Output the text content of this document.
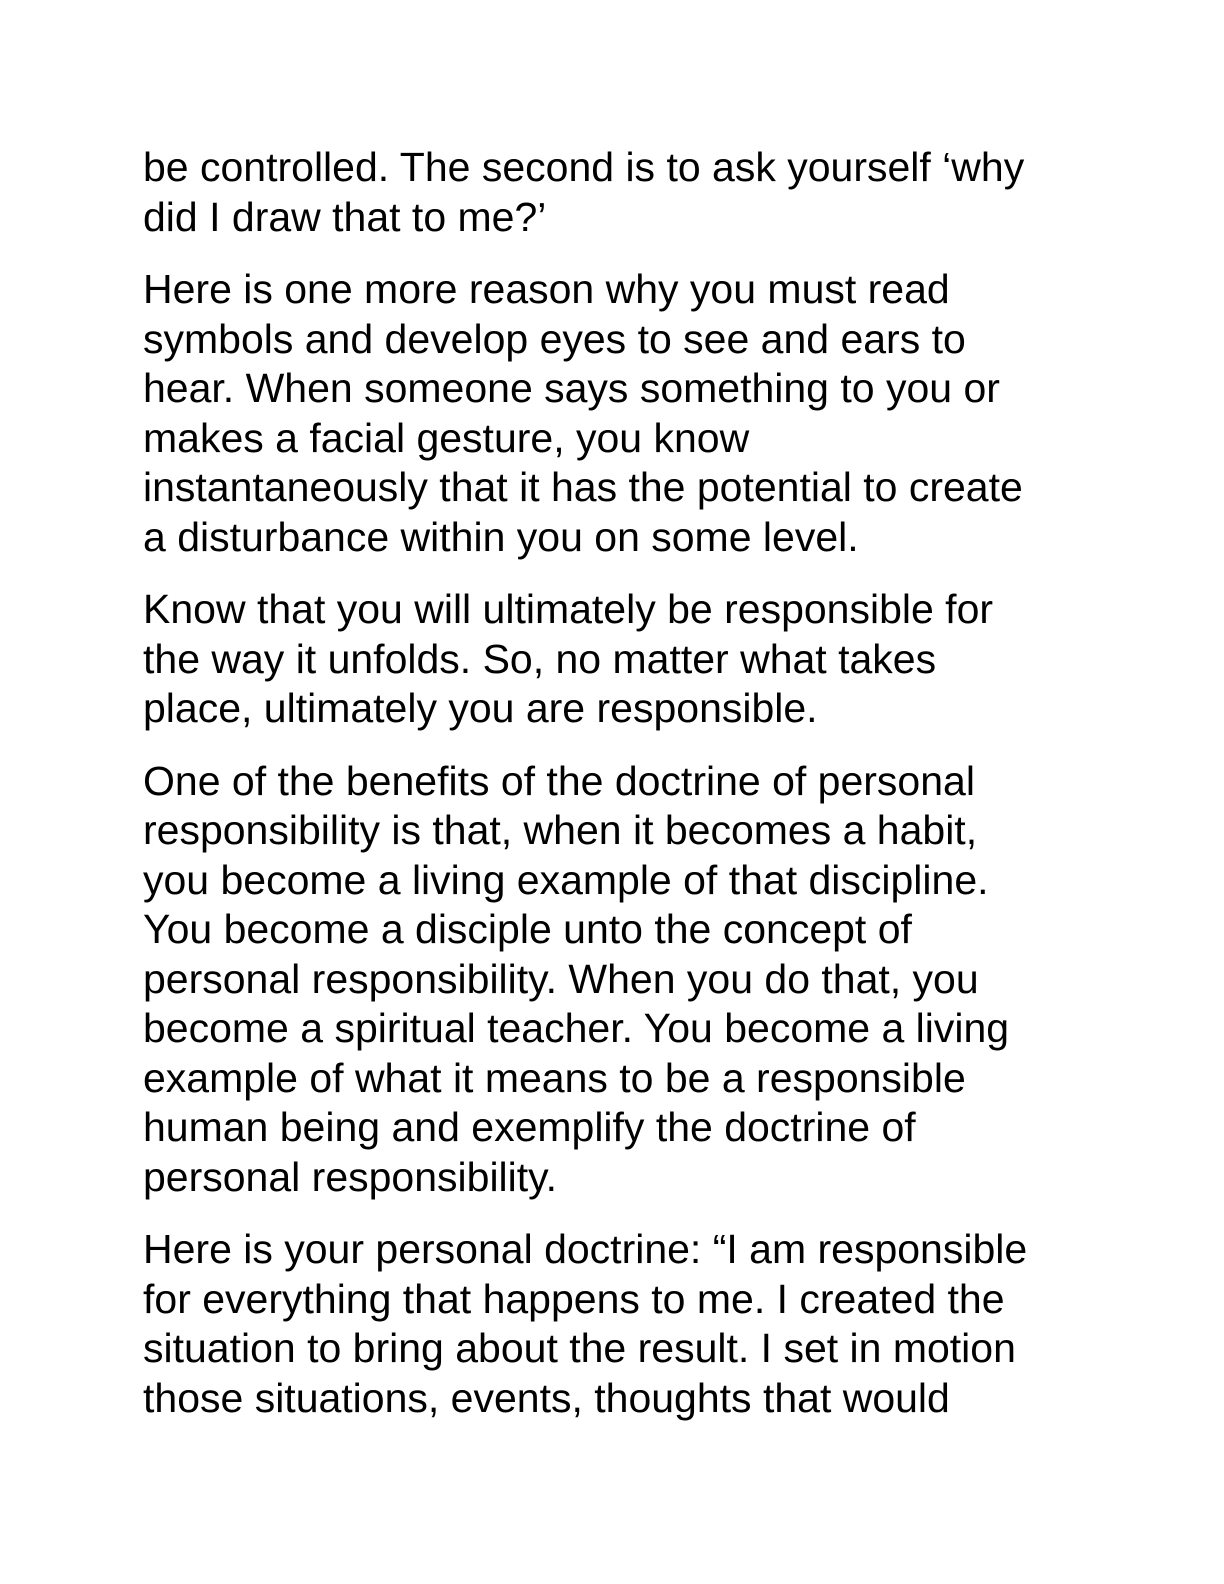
be controlled. The second is to ask yourself ‘why
did I draw that to me?’

Here is one more reason why you must read
symbols and develop eyes to see and ears to
hear. When someone says something to you or
makes a facial gesture, you know
instantaneously that it has the potential to create
a disturbance within you on some level.

Know that you will ultimately be responsible for
the way it unfolds. So, no matter what takes
place, ultimately you are responsible.

One of the benefits of the doctrine of personal
responsibility is that, when it becomes a habit,
you become a living example of that discipline.
You become a disciple unto the concept of
personal responsibility. When you do that, you
become a spiritual teacher. You become a living
example of what it means to be a responsible
human being and exemplify the doctrine of
personal responsibility.

Here is your personal doctrine: “I am responsible
for everything that happens to me. I created the
situation to bring about the result. I set in motion
those situations, events, thoughts that would
